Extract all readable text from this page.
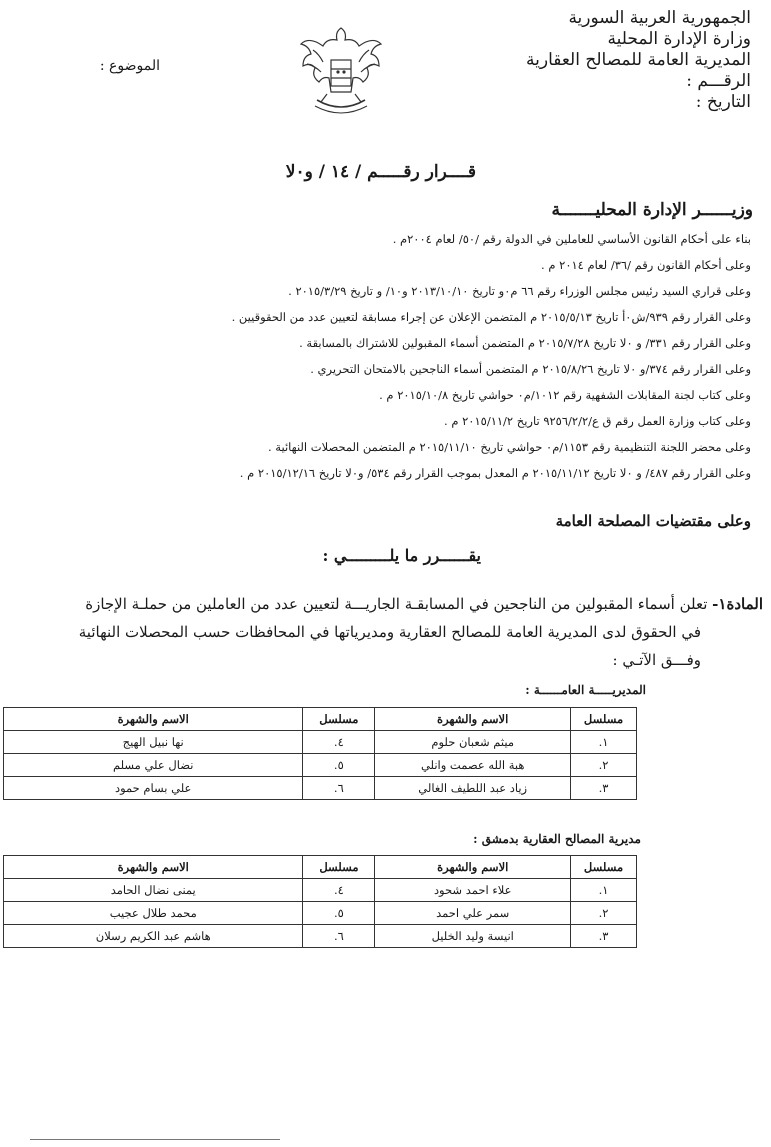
الجمهورية العربية السورية
وزارة الإدارة المحلية
المديرية العامة للمصالح العقارية
الرقـــم :
التاريخ :
الموضوع :
قــــرار رقـــــم / ١٤ / و٠لا
وزيــــــر الإدارة المحليـــــــة
بناء على أحكام القانون الأساسي للعاملين في الدولة رقم /٥٠/ لعام ٢٠٠٤م .
وعلى أحكام القانون رقم /٣٦/ لعام ٢٠١٤ م .
وعلى قراري السيد رئيس مجلس الوزراء رقم ٦٦ م٠و تاريخ ٢٠١٣/١٠/١٠ و١٠/ و تاريخ ٢٠١٥/٣/٢٩ .
وعلى القرار رقم ٩٣٩/ش٠أ تاريخ ٢٠١٥/٥/١٣ م المتضمن الإعلان عن إجراء مسابقة لتعيين عدد من الحقوقيين .
وعلى القرار رقم ٣٣١/ و ٠لا تاريخ ٢٠١٥/٧/٢٨ م المتضمن أسماء المقبولين للاشتراك بالمسابقة .
وعلى القرار رقم ٣٧٤/و ٠لا تاريخ ٢٠١٥/٨/٢٦ م المتضمن أسماء الناجحين بالامتحان التحريري .
وعلى كتاب لجنة المقابلات الشفهية رقم ١٠١٢/م٠ حواشي تاريخ ٢٠١٥/١٠/٨ م .
وعلى كتاب وزارة العمل رقم ق ع/٩٢٥٦/٢/٢ تاريخ ٢٠١٥/١١/٢ م .
وعلى محضر اللجنة التنظيمية رقم ١١٥٣/م٠ حواشي تاريخ ٢٠١٥/١١/١٠ م المتضمن المحصلات النهائية .
وعلى القرار رقم ٤٨٧/ و ٠لا تاريخ ٢٠١٥/١١/١٢ م المعدل بموجب القرار رقم ٥٣٤/ و٠لا تاريخ ٢٠١٥/١٢/١٦ م .
وعلى مقتضيات المصلحة العامة
يقــــــرر ما يلـــــــــي :
المادة١- تعلن أسماء المقبولين من الناجحين في المسابقـة الجاريـــة لتعيين عدد من العاملين من حملـة الإجازة
في الحقوق لدى المديرية العامة للمصالح العقارية ومديرياتها في المحافظات حسب المحصلات النهائية
وفـــق الآتـي :
المديريـــــة العامــــــة :
مسلسل	الاسم والشهرة	مسلسل	الاسم والشهرة
١.	ميثم شعبان حلوم	٤.	نها نبيل الهيج
٢.	هبة الله عصمت وانلي	٥.	نضال علي مسلم
٣.	زياد عبد اللطيف الغالي	٦.	علي بسام حمود
مديرية المصالح العقارية بدمشق :
مسلسل	الاسم والشهرة	مسلسل	الاسم والشهرة
١.	علاء احمد شحود	٤.	يمنى نضال الحامد
٢.	سمر علي احمد	٥.	محمد طلال عجيب
٣.	انيسة وليد الخليل	٦.	هاشم عبد الكريم رسلان
